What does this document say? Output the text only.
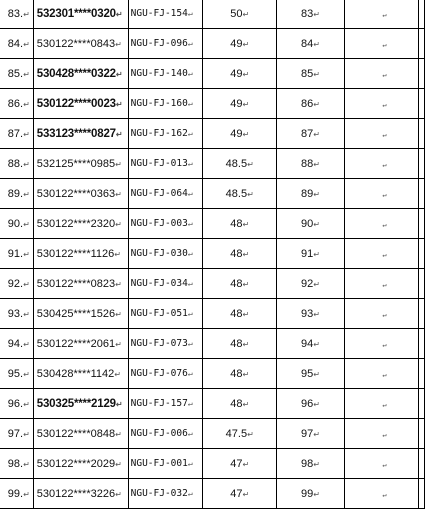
83.↵	532301****0320↵	NGU-FJ-154↵	50↵	83↵	↵	
84.↵	530122****0843↵	NGU-FJ-096↵	49↵	84↵	↵	
85.↵	530428****0322↵	NGU-FJ-140↵	49↵	85↵	↵	
86.↵	530122****0023↵	NGU-FJ-160↵	49↵	86↵	↵	
87.↵	533123****0827↵	NGU-FJ-162↵	49↵	87↵	↵	
88.↵	532125****0985↵	NGU-FJ-013↵	48.5↵	88↵	↵	
89.↵	530122****0363↵	NGU-FJ-064↵	48.5↵	89↵	↵	
90.↵	530122****2320↵	NGU-FJ-003↵	48↵	90↵	↵	
91.↵	530122****1126↵	NGU-FJ-030↵	48↵	91↵	↵	
92.↵	530122****0823↵	NGU-FJ-034↵	48↵	92↵	↵	
93.↵	530425****1526↵	NGU-FJ-051↵	48↵	93↵	↵	
94.↵	530122****2061↵	NGU-FJ-073↵	48↵	94↵	↵	
95.↵	530428****1142↵	NGU-FJ-076↵	48↵	95↵	↵	
96.↵	530325****2129↵	NGU-FJ-157↵	48↵	96↵	↵	
97.↵	530122****0848↵	NGU-FJ-006↵	47.5↵	97↵	↵	
98.↵	530122****2029↵	NGU-FJ-001↵	47↵	98↵	↵	
99.↵	530122****3226↵	NGU-FJ-032↵	47↵	99↵	↵	
